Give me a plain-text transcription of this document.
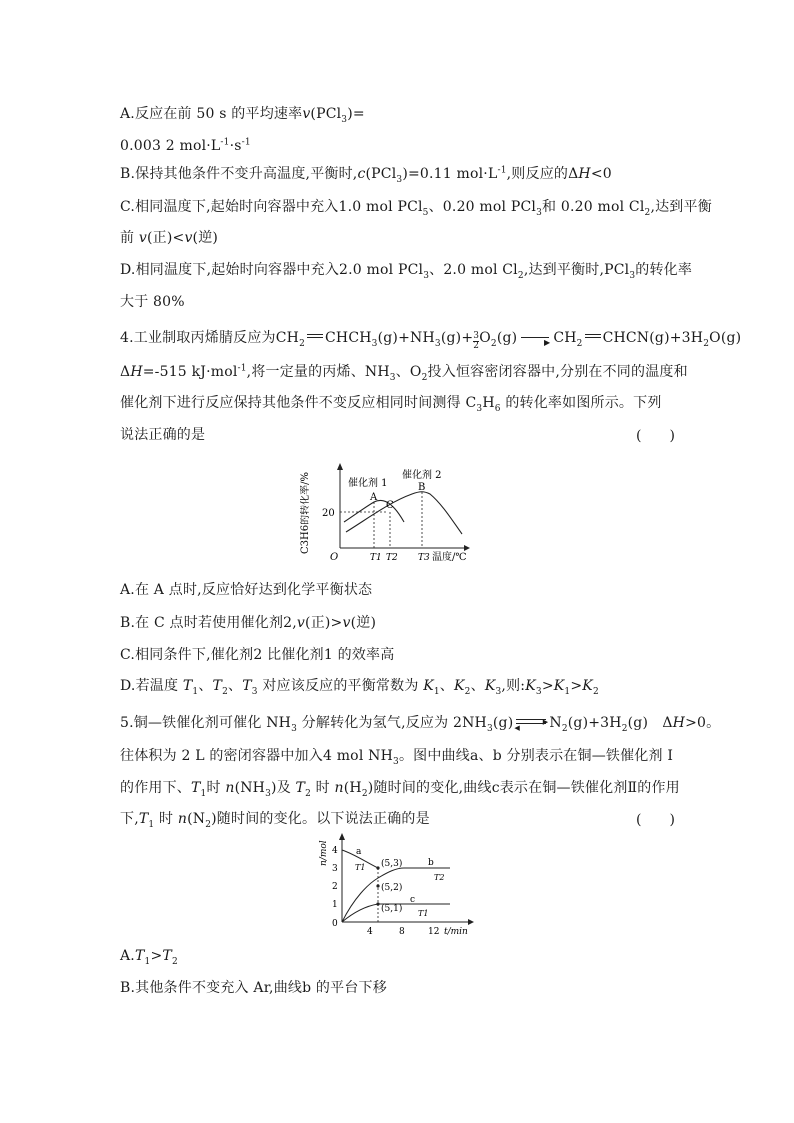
A.反应在前 50 s 的平均速率v(PCl$_3$)=
0.003 2 $mol\cdot L^{-1}\cdot s^{-1}$
B.保持其他条件不变升高温度,平衡时,c(PCl$_3$)=0.11 $mol\cdot L^{-1}$,则反应的ΔH<0
C.相同温度下,起始时向容器中充入1.0 mol PCl$_5$、0.20 mol PCl$_3$和 0.20 mol $Cl_2$,达到平衡
前 v(正)<v(逆)
D.相同温度下,起始时向容器中充入2.0 mol PCl$_3$、2.0 mol $Cl_2$,达到平衡时,PCl$_3$的转化率
大于 80%
4.工业制取丙烯腈反应为$CH_2$ $CHCH_3(g)+NH_3(g)+ \frac{3}{2} O_2(g)$	▶ $CH_2$ $CHCN(g)+3H_2O(g)$
ΔH=-515 kJ·mol$^{-1}$,将一定量的丙烯、$NH_3$、$O_2$投入恒容密闭容器中,分别在不同的温度和
催化剂下进行反应保持其他条件不变反应相同时间测得 $C_3H_6$ 的转化率如图所示。下列
说法正确的是	(　　)
C3H6的转化率/% 20
O	T1 T2 T3 温度/℃
催化剂 1
催化剂 2
A
C
B
A.在 A 点时,反应恰好达到化学平衡状态
B.在 C 点时若使用催化剂2,v(正)>v(逆)
C.相同条件下,催化剂2 比催化剂1 的效率高
D.若温度 $T_1$、$T_2$、$T_3$ 对应该反应的平衡常数为 $K_1$、$K_2$、$K_3$,则$:K_3>K_1>K_2$
5.铜—铁催化剂可催化 $NH_3$ 分解转化为氢气,反应为 $2NH_3(g)$	▶
◀ $N_2(g)+3H_2(g)$　ΔH>0。
往体积为 2 L 的密闭容器中加入4 mol $NH_3$。图中曲线a、b 分别表示在铜—铁催化剂 Ⅰ
的作用下、$T_1$时 $n(NH_3)$及 $T_2$ 时 $n(H_2)$随时间的变化,曲线c表示在铜—铁催化剂Ⅱ的作用
下$,T_1$ 时 $n(N_2)$随时间的变化。以下说法正确的是	(　　)
n/mol 4
3
2
1
0
4	8	12 t/min
(5,3)
(5,2)
(5,1)
a
T1	b
T2
c
T1
$A.T_1>T_2$
B.其他条件不变充入 Ar,曲线b 的平台下移
